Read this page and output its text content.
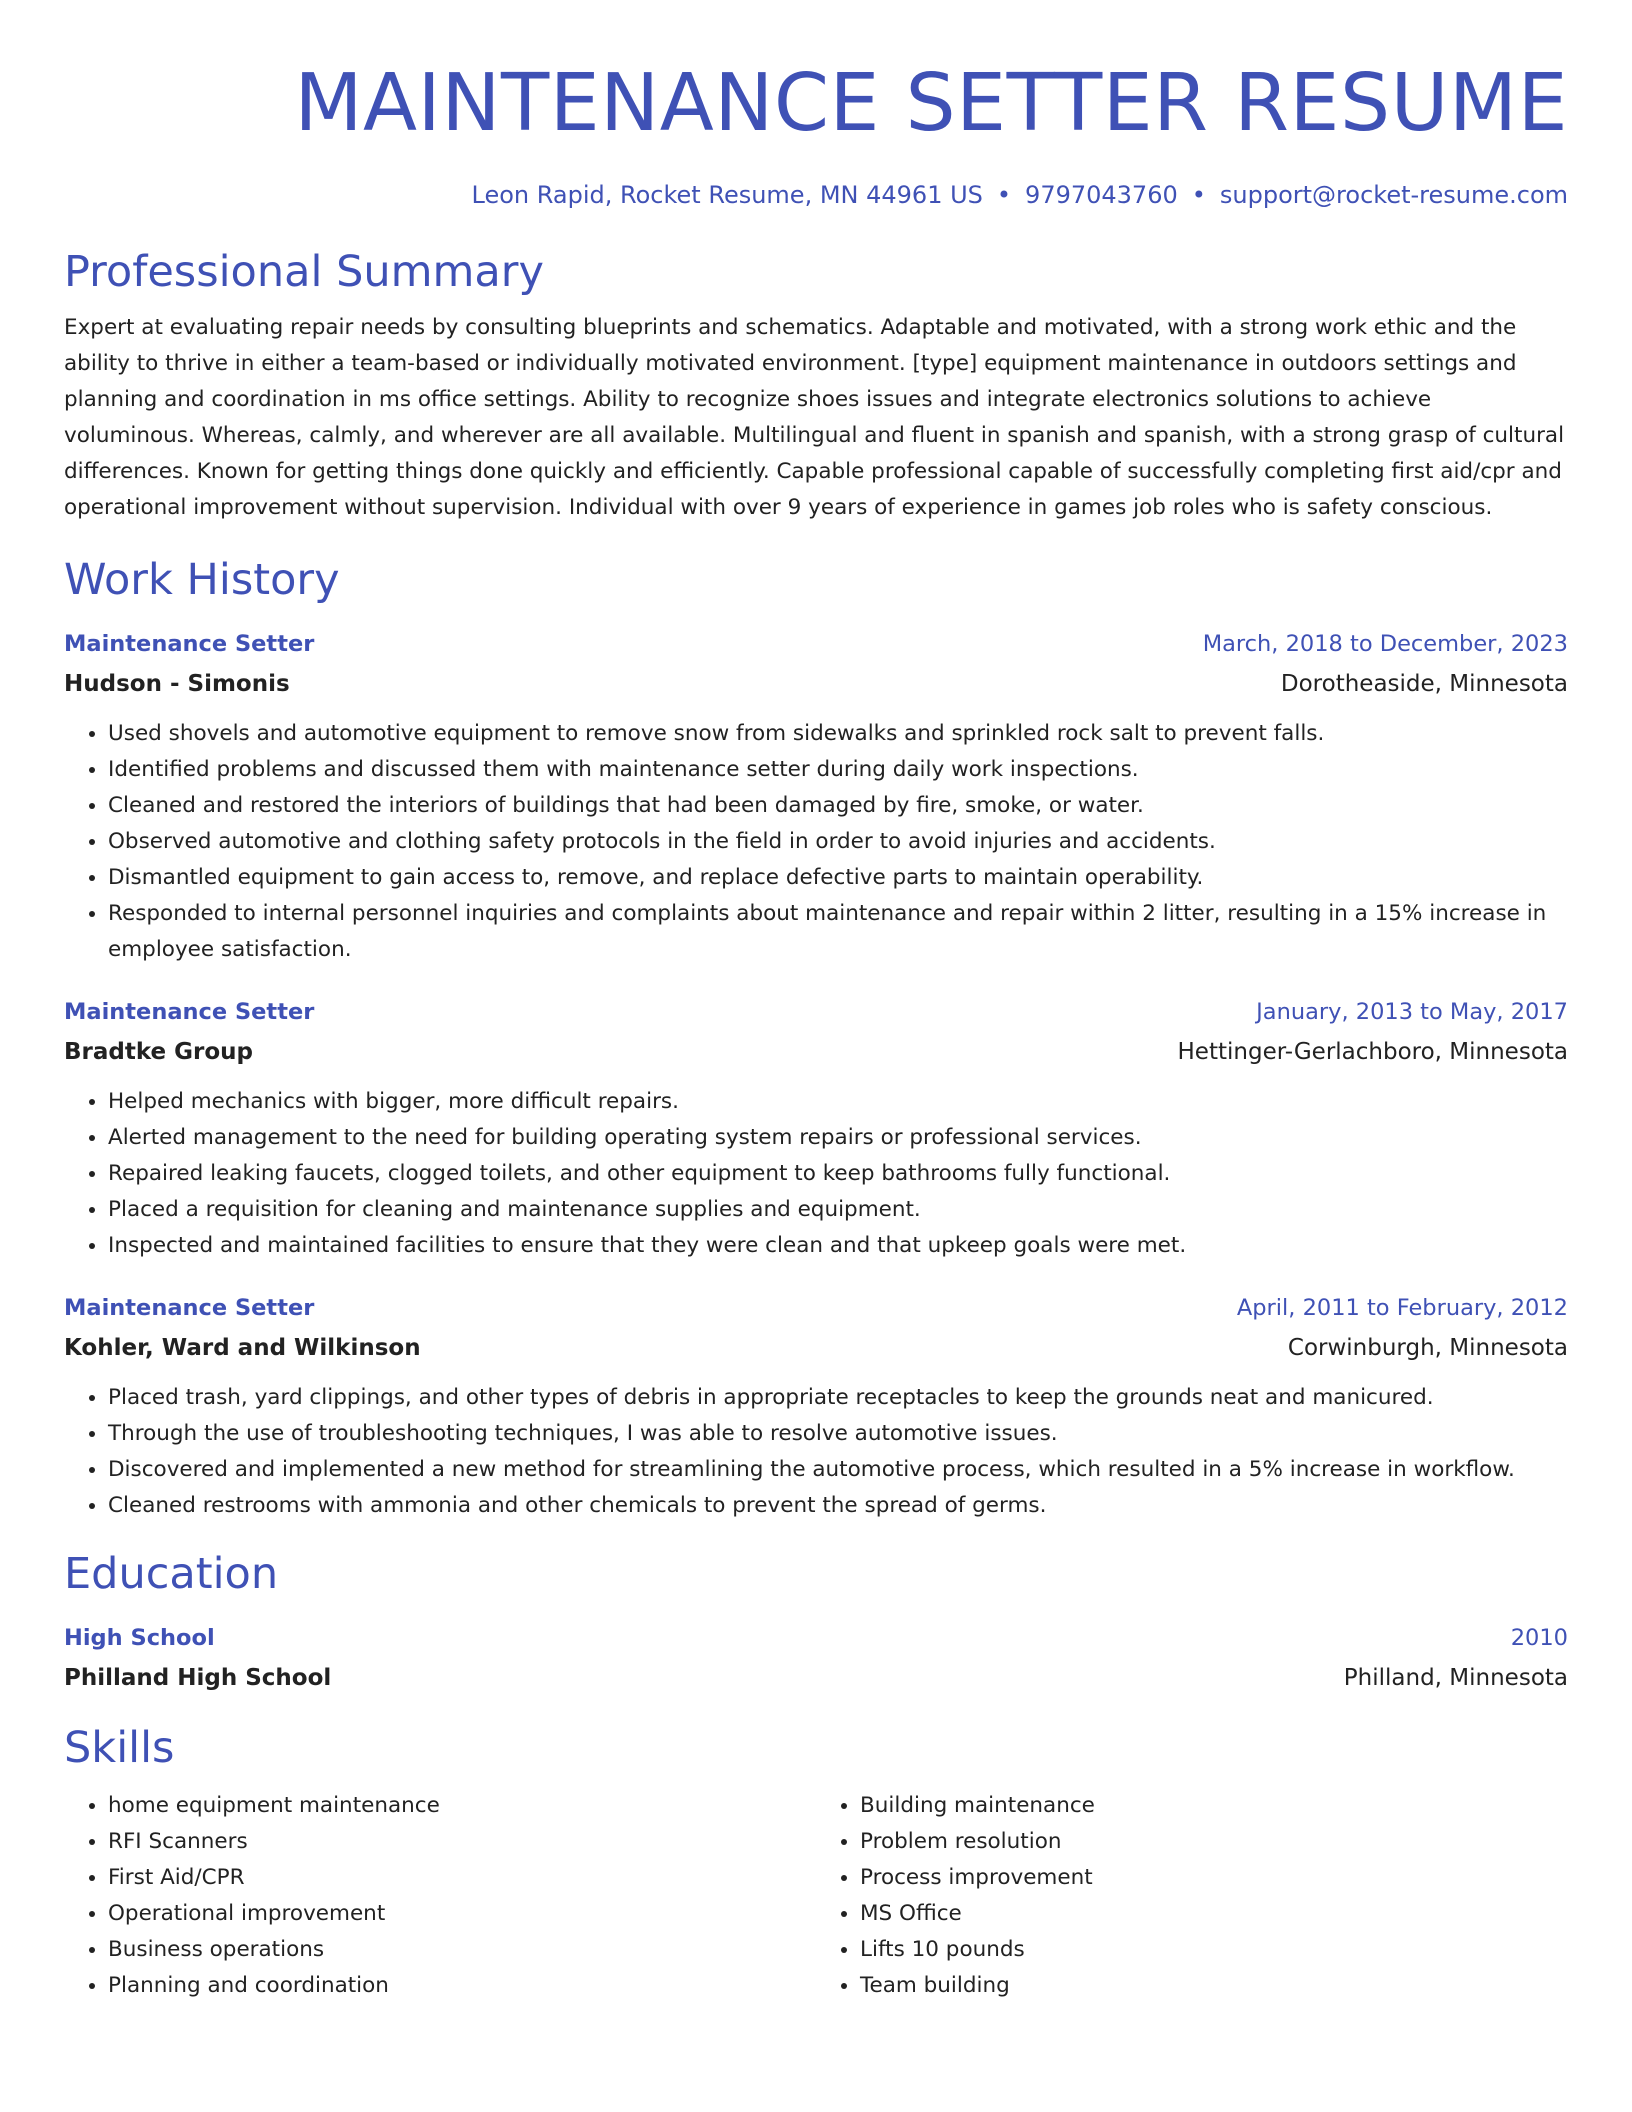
MAINTENANCE SETTER RESUME
Leon Rapid, Rocket Resume, MN 44961 US • 9797043760 • support@rocket-resume.com
Professional Summary
Expert at evaluating repair needs by consulting blueprints and schematics. Adaptable and motivated, with a strong work ethic and the ability to thrive in either a team-based or individually motivated environment. [type] equipment maintenance in outdoors settings and planning and coordination in ms office settings. Ability to recognize shoes issues and integrate electronics solutions to achieve voluminous. Whereas, calmly, and wherever are all available. Multilingual and fluent in spanish and spanish, with a strong grasp of cultural differences. Known for getting things done quickly and efficiently. Capable professional capable of successfully completing first aid/cpr and operational improvement without supervision. Individual with over 9 years of experience in games job roles who is safety conscious.
Work History
Maintenance Setter	March, 2018 to December, 2023
Hudson - Simonis	Dorotheaside, Minnesota
• Used shovels and automotive equipment to remove snow from sidewalks and sprinkled rock salt to prevent falls.
• Identified problems and discussed them with maintenance setter during daily work inspections.
• Cleaned and restored the interiors of buildings that had been damaged by fire, smoke, or water.
• Observed automotive and clothing safety protocols in the field in order to avoid injuries and accidents.
• Dismantled equipment to gain access to, remove, and replace defective parts to maintain operability.
• Responded to internal personnel inquiries and complaints about maintenance and repair within 2 litter, resulting in a 15% increase in employee satisfaction.
Maintenance Setter	January, 2013 to May, 2017
Bradtke Group	Hettinger-Gerlachboro, Minnesota
• Helped mechanics with bigger, more difficult repairs.
• Alerted management to the need for building operating system repairs or professional services.
• Repaired leaking faucets, clogged toilets, and other equipment to keep bathrooms fully functional.
• Placed a requisition for cleaning and maintenance supplies and equipment.
• Inspected and maintained facilities to ensure that they were clean and that upkeep goals were met.
Maintenance Setter	April, 2011 to February, 2012
Kohler, Ward and Wilkinson	Corwinburgh, Minnesota
• Placed trash, yard clippings, and other types of debris in appropriate receptacles to keep the grounds neat and manicured.
• Through the use of troubleshooting techniques, I was able to resolve automotive issues.
• Discovered and implemented a new method for streamlining the automotive process, which resulted in a 5% increase in workflow.
• Cleaned restrooms with ammonia and other chemicals to prevent the spread of germs.
Education
High School	2010
Philland High School	Philland, Minnesota
Skills
• home equipment maintenance
• RFI Scanners
• First Aid/CPR
• Operational improvement
• Business operations
• Planning and coordination
• Building maintenance
• Problem resolution
• Process improvement
• MS Office
• Lifts 10 pounds
• Team building
